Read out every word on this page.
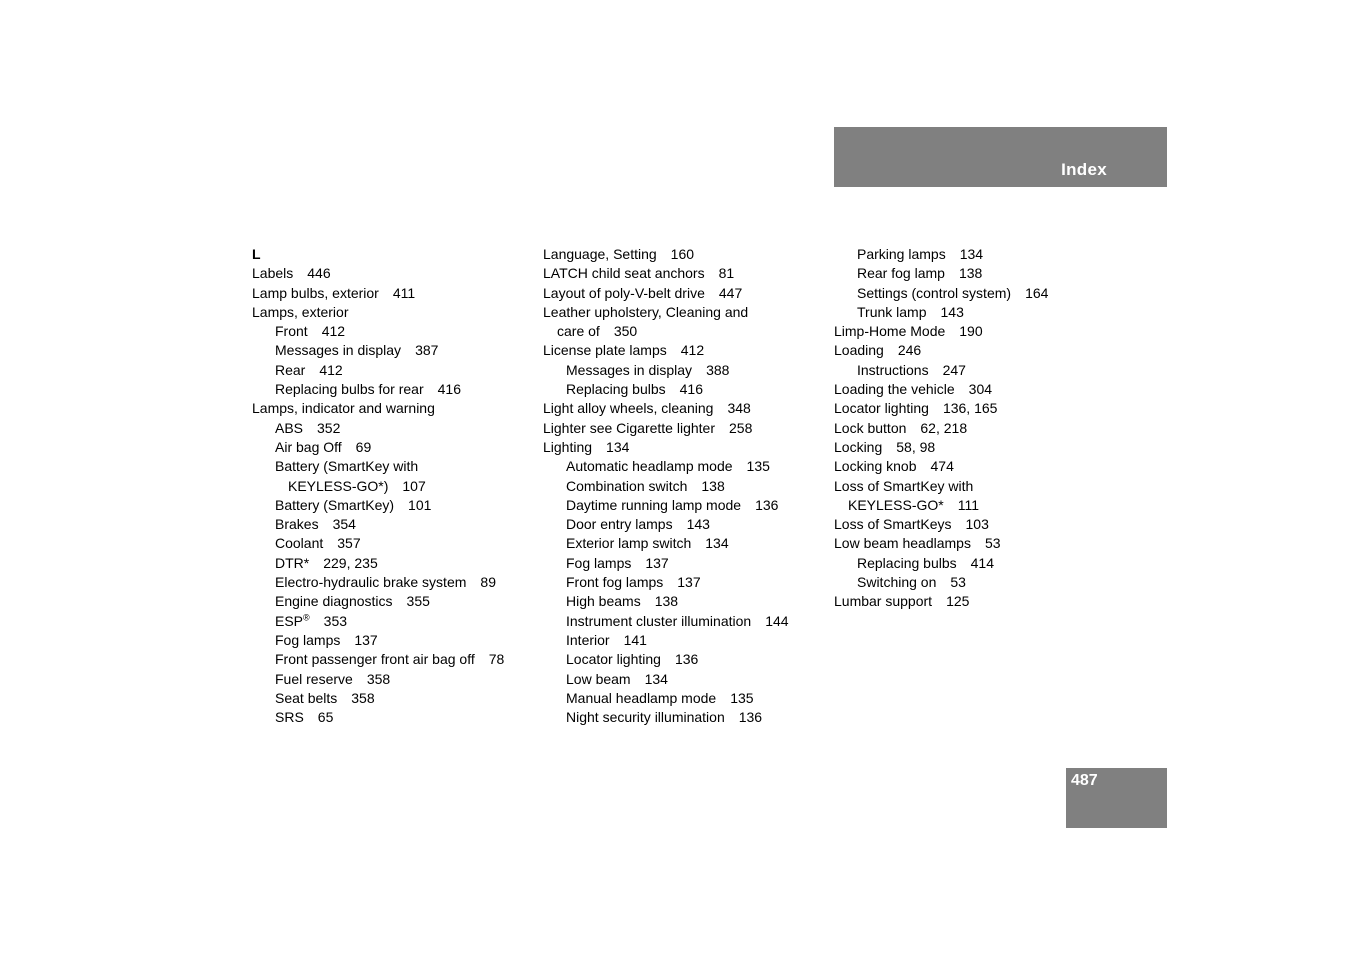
Index
L
Labels 446
Lamp bulbs, exterior 411
Lamps, exterior
Front 412
Messages in display 387
Rear 412
Replacing bulbs for rear 416
Lamps, indicator and warning
ABS 352
Air bag Off 69
Battery (SmartKey with
KEYLESS-GO*) 107
Battery (SmartKey) 101
Brakes 354
Coolant 357
DTR* 229, 235
Electro-hydraulic brake system 89
Engine diagnostics 355
ESP® 353
Fog lamps 137
Front passenger front air bag off 78
Fuel reserve 358
Seat belts 358
SRS 65
Language, Setting 160
LATCH child seat anchors 81
Layout of poly-V-belt drive 447
Leather upholstery, Cleaning and
care of 350
License plate lamps 412
Messages in display 388
Replacing bulbs 416
Light alloy wheels, cleaning 348
Lighter see Cigarette lighter 258
Lighting 134
Automatic headlamp mode 135
Combination switch 138
Daytime running lamp mode 136
Door entry lamps 143
Exterior lamp switch 134
Fog lamps 137
Front fog lamps 137
High beams 138
Instrument cluster illumination 144
Interior 141
Locator lighting 136
Low beam 134
Manual headlamp mode 135
Night security illumination 136
Parking lamps 134
Rear fog lamp 138
Settings (control system) 164
Trunk lamp 143
Limp-Home Mode 190
Loading 246
Instructions 247
Loading the vehicle 304
Locator lighting 136, 165
Lock button 62, 218
Locking 58, 98
Locking knob 474
Loss of SmartKey with
KEYLESS-GO* 111
Loss of SmartKeys 103
Low beam headlamps 53
Replacing bulbs 414
Switching on 53
Lumbar support 125
487
